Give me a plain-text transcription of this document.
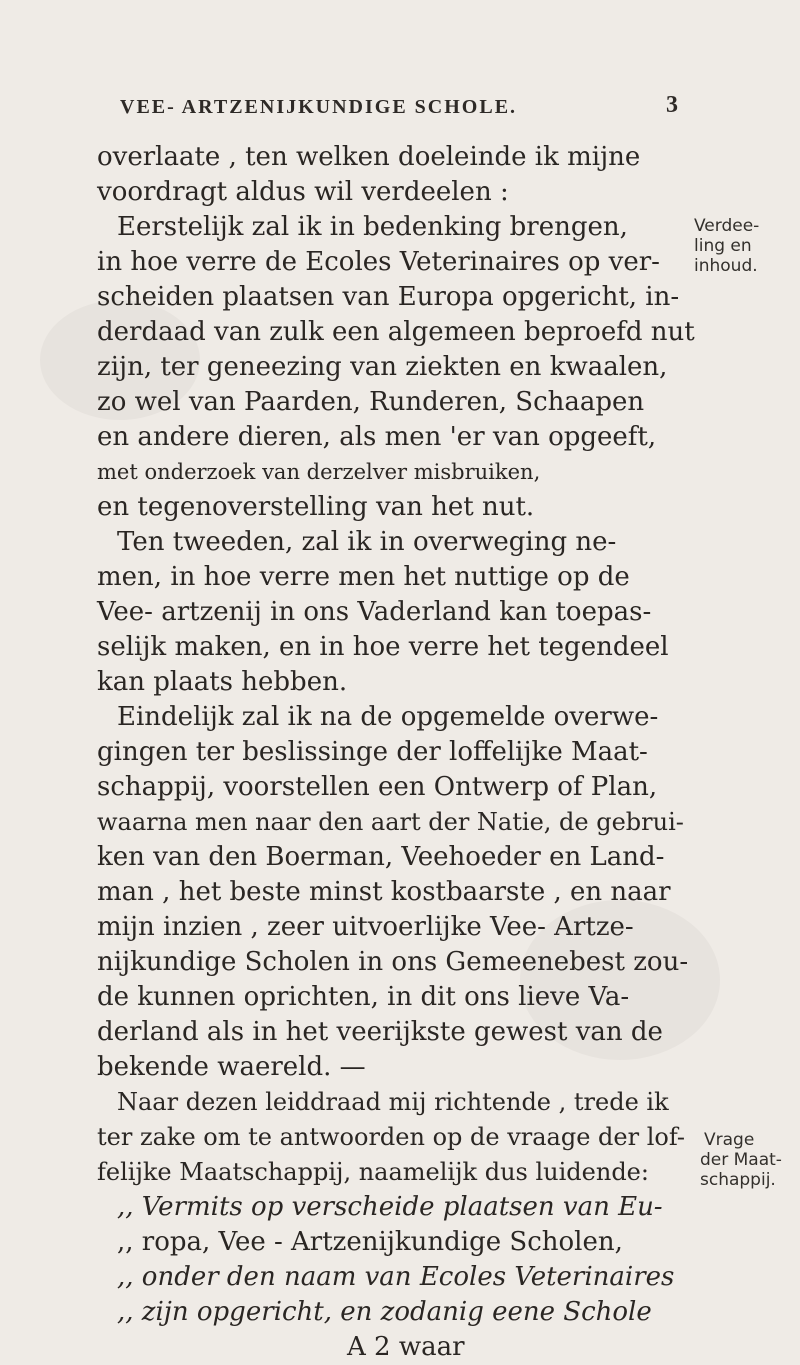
VEE- ARTZENIJKUNDIGE SCHOLE.	3
overlaate , ten welken doeleinde ik mijne
voordragt aldus wil verdeelen :
Eerstelijk zal ik in bedenking brengen,
in hoe verre de Ecoles Veterinaires op ver-
scheiden plaatsen van Europa opgericht, in-
derdaad van zulk een algemeen beproefd nut
zijn, ter geneezing van ziekten en kwaalen,
zo wel van Paarden, Runderen, Schaapen
en andere dieren, als men 'er van opgeeft,
met onderzoek van derzelver misbruiken,
en tegenoverstelling van het nut.
Ten tweeden, zal ik in overweging ne-
men, in hoe verre men het nuttige op de
Vee- artzenij in ons Vaderland kan toepas-
selijk maken, en in hoe verre het tegendeel
kan plaats hebben.
Eindelijk zal ik na de opgemelde overwe-
gingen ter beslissinge der loffelijke Maat-
schappij, voorstellen een Ontwerp of Plan,
waarna men naar den aart der Natie, de gebrui-
ken van den Boerman, Veehoeder en Land-
man , het beste minst kostbaarste , en naar
mijn inzien , zeer uitvoerlijke Vee- Artze-
nijkundige Scholen in ons Gemeenebest zou-
de kunnen oprichten, in dit ons lieve Va-
derland als in het veerijkste gewest van de
bekende waereld. —
Naar dezen leiddraad mij richtende , trede ik
ter zake om te antwoorden op de vraage der lof-
felijke Maatschappij, naamelijk dus luidende:
,, Vermits op verscheide plaatsen van Eu-
,, ropa, Vee - Artzenijkundige Scholen,
,, onder den naam van Ecoles Veterinaires
,, zijn opgericht, en zodanig eene Schole
A 2 waar
Verdee-
ling en
inhoud.
Vrage
der Maat-
schappij.
